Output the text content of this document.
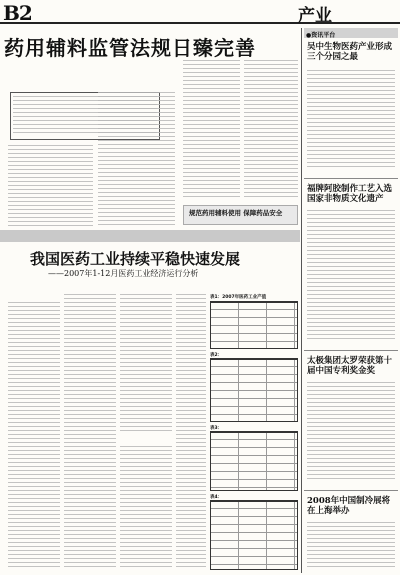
B2	产业
药用辅料监管法规日臻完善
规范药用辅料使用 保障药品安全
我国医药工业持续平稳快速发展
——2007年1-12月医药工业经济运行分析
表1：2007年医药工业产值
表2：
表3：
表4：
●资讯平台
吴中生物医药产业形成三个分园之最
福牌阿胶制作工艺入选国家非物质文化遗产
太极集团太罗荣获第十届中国专利奖金奖
2008年中国制冷展将在上海举办
